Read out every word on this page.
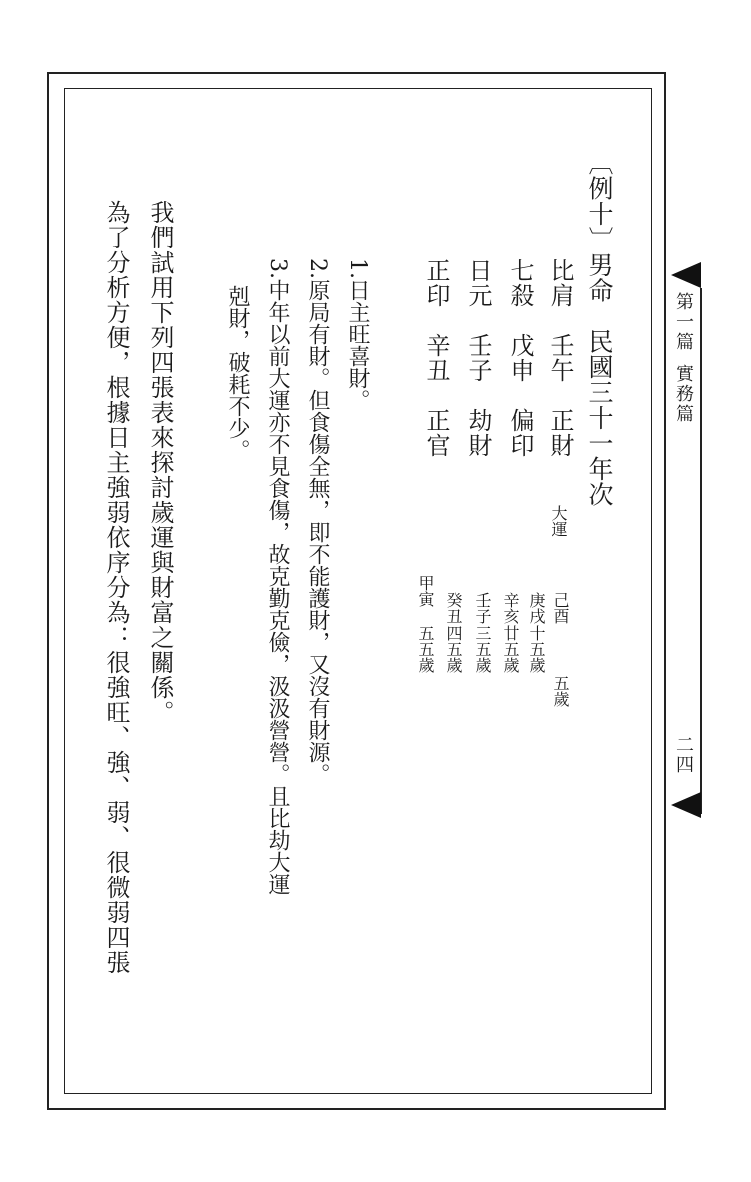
〔例十〕男命　民國三十一年次
比肩　壬午　正財
七殺　戊申　偏印
日元　壬子　劫財
正印　辛丑　正官
大運
己酉
庚戌
辛亥
壬子
癸丑
甲寅
五歲
十五歲
廿五歲
三五歲
四五歲
五五歲
1.日主旺喜財。
2.原局有財。但食傷全無，即不能護財，又沒有財源。
3.中年以前大運亦不見食傷，故克勤克儉，汲汲營營。且比劫大運
剋財，破耗不少。
我們試用下列四張表來探討歲運與財富之關係。
為了分析方便，根據日主強弱依序分為：很強旺、強、弱、很微弱四張	第一篇
實務篇
二四
